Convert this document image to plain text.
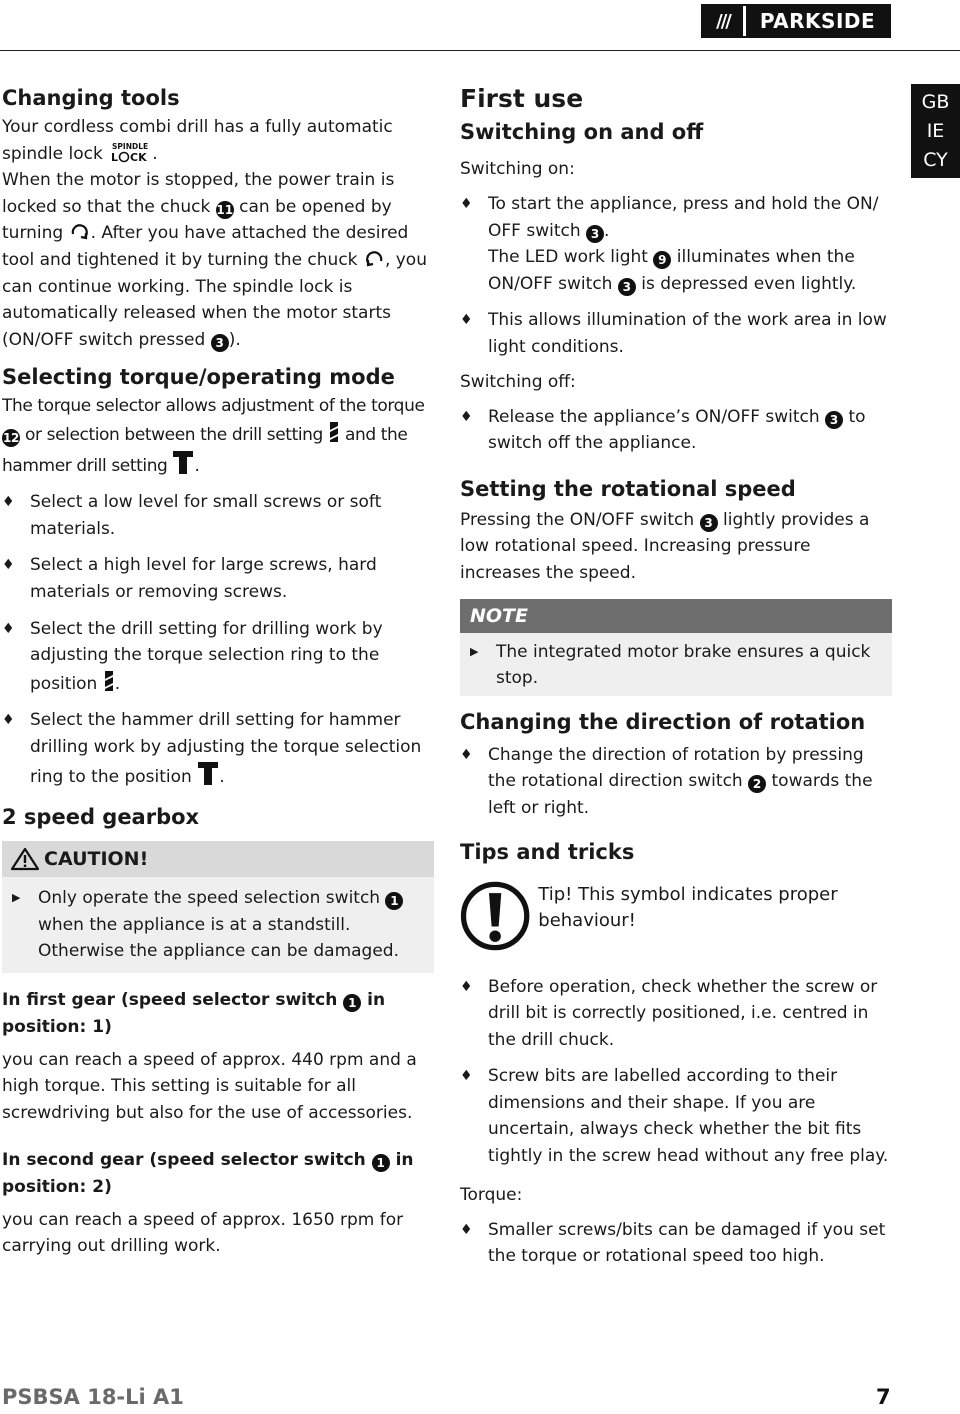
///	PARKSIDE
GB
IE
CY
Changing tools

Your cordless combi drill has a fully automatic spindle lock SPINDLE
L CK .

When the motor is stopped, the power train is locked so that the chuck 11 can be opened by turning . After you have attached the desired tool and tightened it by turning the chuck , you can continue working. The spindle lock is automatically released when the motor starts (ON/OFF switch pressed 3 ).

Selecting torque/operating mode

The torque selector allows adjustment of the torque 12 or selection between the drill setting and the hammer drill setting .

♦ Select a low level for small screws or soft materials.
♦ Select a high level for large screws, hard materials or removing screws.
♦ Select the drill setting for drilling work by adjusting the torque selection ring to the position .
♦ Select the hammer drill setting for hammer drilling work by adjusting the torque selection ring to the position .
2 speed gearbox
CAUTION!
▶ Only operate the speed selection switch 1 when the appliance is at a standstill. Otherwise the appliance can be damaged.
In first gear (speed selector switch 1 in position: 1)

you can reach a speed of approx. 440 rpm and a high torque. This setting is suitable for all screwdriving but also for the use of accessories.

In second gear (speed selector switch 1 in position: 2)

you can reach a speed of approx. 1650 rpm for carrying out drilling work.

First use
Switching on and off
Switching on:
♦ To start the appliance, press and hold the ON/ OFF switch 3 .
The LED work light 9 illuminates when the ON/OFF switch 3 is depressed even lightly.
♦ This allows illumination of the work area in low light conditions.
Switching off:
♦ Release the appliance’s ON/OFF switch 3 to switch off the appliance.
Setting the rotational speed

Pressing the ON/OFF switch 3 lightly provides a low rotational speed. Increasing pressure increases the speed.

NOTE
▶ The integrated motor brake ensures a quick stop.
Changing the direction of rotation
♦ Change the direction of rotation by pressing the rotational direction switch 2 towards the left or right.
Tips and tricks
Tip! This symbol indicates proper behaviour!
♦ Before operation, check whether the screw or drill bit is correctly positioned, i.e. centred in the drill chuck.
♦ Screw bits are labelled according to their dimensions and their shape. If you are uncertain, always check whether the bit fits tightly in the screw head without any free play.
Torque:
♦ Smaller screws/bits can be damaged if you set the torque or rotational speed too high.
PSBSA 18-Li A1	7
